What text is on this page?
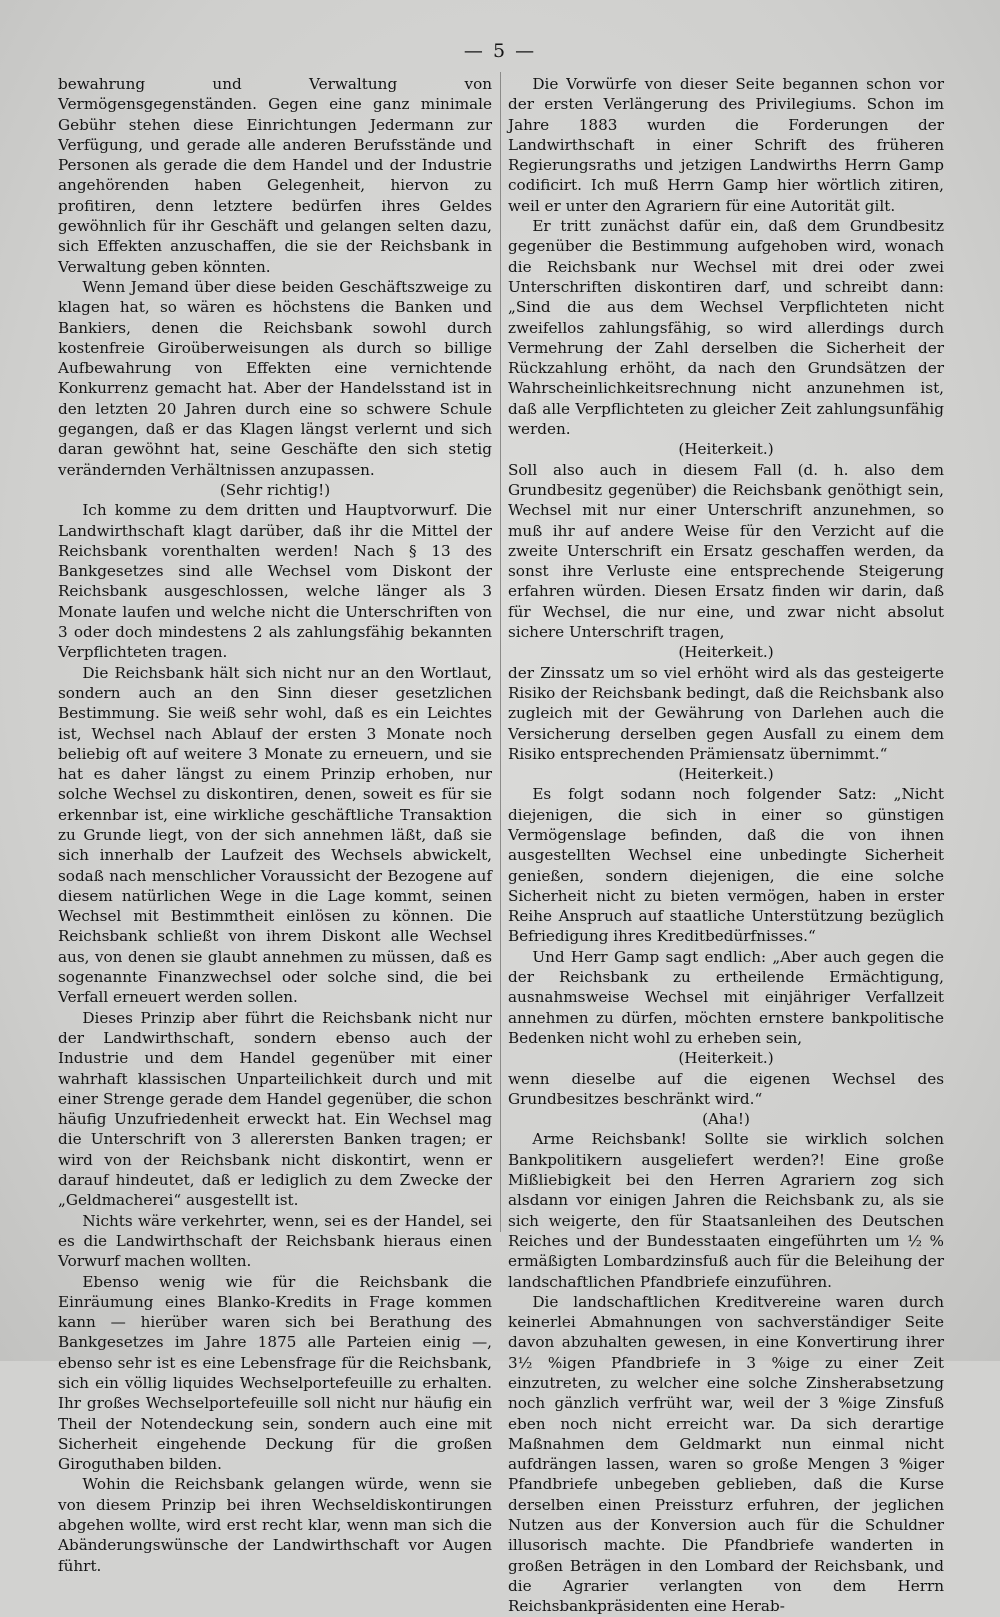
— 5 —

bewahrung und Verwaltung von Vermögensgegenständen. Gegen eine ganz minimale Gebühr stehen diese Einrichtungen Jedermann zur Verfügung, und gerade alle anderen Berufsstände und Personen als gerade die dem Handel und der Industrie angehörenden haben Gelegenheit, hiervon zu profitiren, denn letztere bedürfen ihres Geldes gewöhnlich für ihr Geschäft und gelangen selten dazu, sich Effekten anzuschaffen, die sie der Reichsbank in Verwaltung geben könnten.

Wenn Jemand über diese beiden Geschäftszweige zu klagen hat, so wären es höchstens die Banken und Bankiers, denen die Reichsbank sowohl durch kostenfreie Giroüberweisungen als durch so billige Aufbewahrung von Effekten eine vernichtende Konkurrenz gemacht hat. Aber der Handelsstand ist in den letzten 20 Jahren durch eine so schwere Schule gegangen, daß er das Klagen längst verlernt und sich daran gewöhnt hat, seine Geschäfte den sich stetig verändernden Verhältnissen anzupassen.

(Sehr richtig!)

Ich komme zu dem dritten und Hauptvorwurf. Die Landwirthschaft klagt darüber, daß ihr die Mittel der Reichsbank vorenthalten werden! Nach § 13 des Bankgesetzes sind alle Wechsel vom Diskont der Reichsbank ausgeschlossen, welche länger als 3 Monate laufen und welche nicht die Unterschriften von 3 oder doch mindestens 2 als zahlungsfähig bekannten Verpflichteten tragen.

Die Reichsbank hält sich nicht nur an den Wortlaut, sondern auch an den Sinn dieser gesetzlichen Bestimmung. Sie weiß sehr wohl, daß es ein Leichtes ist, Wechsel nach Ablauf der ersten 3 Monate noch beliebig oft auf weitere 3 Monate zu erneuern, und sie hat es daher längst zu einem Prinzip erhoben, nur solche Wechsel zu diskontiren, denen, soweit es für sie erkennbar ist, eine wirkliche geschäftliche Transaktion zu Grunde liegt, von der sich annehmen läßt, daß sie sich innerhalb der Laufzeit des Wechsels abwickelt, sodaß nach menschlicher Voraussicht der Bezogene auf diesem natürlichen Wege in die Lage kommt, seinen Wechsel mit Bestimmtheit einlösen zu können. Die Reichsbank schließt von ihrem Diskont alle Wechsel aus, von denen sie glaubt annehmen zu müssen, daß es sogenannte Finanzwechsel oder solche sind, die bei Verfall erneuert werden sollen.

Dieses Prinzip aber führt die Reichsbank nicht nur der Landwirthschaft, sondern ebenso auch der Industrie und dem Handel gegenüber mit einer wahrhaft klassischen Unparteilichkeit durch und mit einer Strenge gerade dem Handel gegenüber, die schon häufig Unzufriedenheit erweckt hat. Ein Wechsel mag die Unterschrift von 3 allerersten Banken tragen; er wird von der Reichsbank nicht diskontirt, wenn er darauf hindeutet, daß er lediglich zu dem Zwecke der „Geldmacherei“ ausgestellt ist.

Nichts wäre verkehrter, wenn, sei es der Handel, sei es die Landwirthschaft der Reichsbank hieraus einen Vorwurf machen wollten.

Ebenso wenig wie für die Reichsbank die Einräumung eines Blanko-Kredits in Frage kommen kann — hierüber waren sich bei Berathung des Bankgesetzes im Jahre 1875 alle Parteien einig —, ebenso sehr ist es eine Lebensfrage für die Reichsbank, sich ein völlig liquides Wechselportefeuille zu erhalten. Ihr großes Wechselportefeuille soll nicht nur häufig ein Theil der Notendeckung sein, sondern auch eine mit Sicherheit eingehende Deckung für die großen Giroguthaben bilden.

Wohin die Reichsbank gelangen würde, wenn sie von diesem Prinzip bei ihren Wechseldiskontirungen abgehen wollte, wird erst recht klar, wenn man sich die Abänderungswünsche der Landwirthschaft vor Augen führt.

Die Vorwürfe von dieser Seite begannen schon vor der ersten Verlängerung des Privilegiums. Schon im Jahre 1883 wurden die Forderungen der Landwirthschaft in einer Schrift des früheren Regierungsraths und jetzigen Landwirths Herrn Gamp codificirt. Ich muß Herrn Gamp hier wörtlich zitiren, weil er unter den Agrariern für eine Autorität gilt.

Er tritt zunächst dafür ein, daß dem Grundbesitz gegenüber die Bestimmung aufgehoben wird, wonach die Reichsbank nur Wechsel mit drei oder zwei Unterschriften diskontiren darf, und schreibt dann: „Sind die aus dem Wechsel Verpflichteten nicht zweifellos zahlungsfähig, so wird allerdings durch Vermehrung der Zahl derselben die Sicherheit der Rückzahlung erhöht, da nach den Grundsätzen der Wahrscheinlichkeitsrechnung nicht anzunehmen ist, daß alle Verpflichteten zu gleicher Zeit zahlungsunfähig werden.

(Heiterkeit.)

Soll also auch in diesem Fall (d. h. also dem Grundbesitz gegenüber) die Reichsbank genöthigt sein, Wechsel mit nur einer Unterschrift anzunehmen, so muß ihr auf andere Weise für den Verzicht auf die zweite Unterschrift ein Ersatz geschaffen werden, da sonst ihre Verluste eine entsprechende Steigerung erfahren würden. Diesen Ersatz finden wir darin, daß für Wechsel, die nur eine, und zwar nicht absolut sichere Unterschrift tragen,

(Heiterkeit.)

der Zinssatz um so viel erhöht wird als das gesteigerte Risiko der Reichsbank bedingt, daß die Reichsbank also zugleich mit der Gewährung von Darlehen auch die Versicherung derselben gegen Ausfall zu einem dem Risiko entsprechenden Prämiensatz übernimmt.“

(Heiterkeit.)

Es folgt sodann noch folgender Satz: „Nicht diejenigen, die sich in einer so günstigen Vermögenslage befinden, daß die von ihnen ausgestellten Wechsel eine unbedingte Sicherheit genießen, sondern diejenigen, die eine solche Sicherheit nicht zu bieten vermögen, haben in erster Reihe Anspruch auf staatliche Unterstützung bezüglich Befriedigung ihres Kreditbedürfnisses.“

Und Herr Gamp sagt endlich: „Aber auch gegen die der Reichsbank zu ertheilende Ermächtigung, ausnahmsweise Wechsel mit einjähriger Verfallzeit annehmen zu dürfen, möchten ernstere bankpolitische Bedenken nicht wohl zu erheben sein,

(Heiterkeit.)

wenn dieselbe auf die eigenen Wechsel des Grundbesitzes beschränkt wird.“

(Aha!)

Arme Reichsbank! Sollte sie wirklich solchen Bankpolitikern ausgeliefert werden?! Eine große Mißliebigkeit bei den Herren Agrariern zog sich alsdann vor einigen Jahren die Reichsbank zu, als sie sich weigerte, den für Staatsanleihen des Deutschen Reiches und der Bundesstaaten eingeführten um ½ % ermäßigten Lombardzinsfuß auch für die Beleihung der landschaftlichen Pfandbriefe einzuführen.

Die landschaftlichen Kreditvereine waren durch keinerlei Abmahnungen von sachverständiger Seite davon abzuhalten gewesen, in eine Konvertirung ihrer 3½ %igen Pfandbriefe in 3 %ige zu einer Zeit einzutreten, zu welcher eine solche Zinsherabsetzung noch gänzlich verfrüht war, weil der 3 %ige Zinsfuß eben noch nicht erreicht war. Da sich derartige Maßnahmen dem Geldmarkt nun einmal nicht aufdrängen lassen, waren so große Mengen 3 %iger Pfandbriefe unbegeben geblieben, daß die Kurse derselben einen Preissturz erfuhren, der jeglichen Nutzen aus der Konversion auch für die Schuldner illusorisch machte. Die Pfandbriefe wanderten in großen Beträgen in den Lombard der Reichsbank, und die Agrarier verlangten von dem Herrn Reichsbankpräsidenten eine Herab-
